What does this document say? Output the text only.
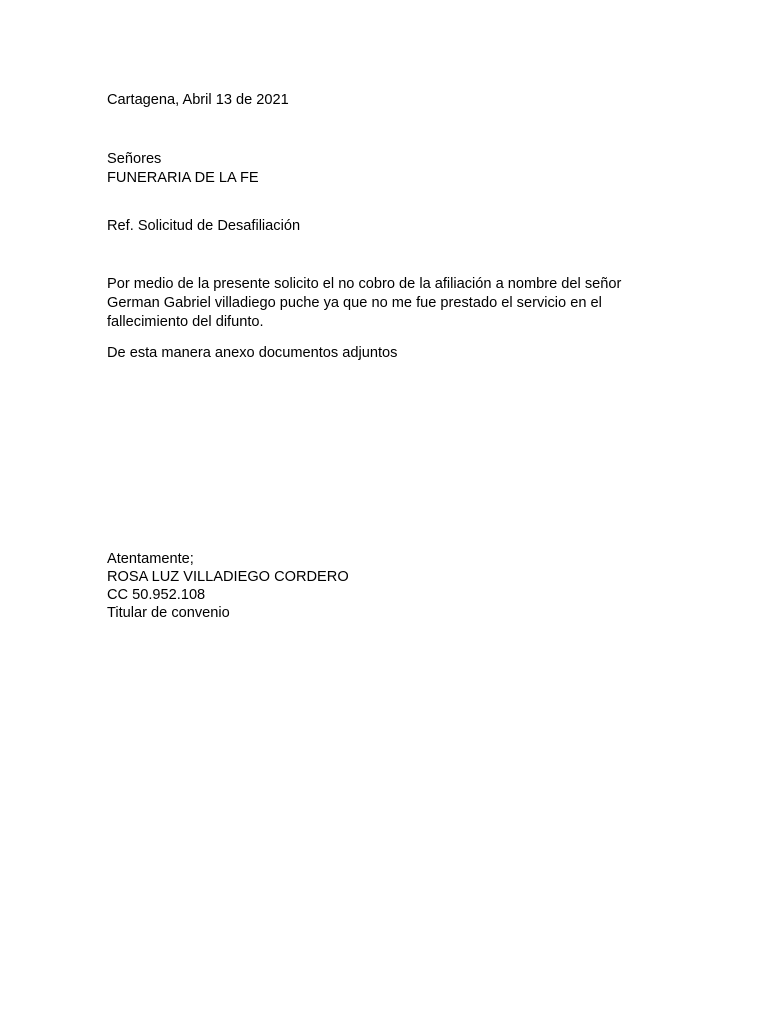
Cartagena, Abril 13 de 2021

Señores

FUNERARIA DE LA FE

Ref. Solicitud de Desafiliación

Por medio de la presente solicito el no cobro de la afiliación a nombre del señor
German Gabriel villadiego puche ya que no me fue prestado el servicio en el
fallecimiento del difunto.

De esta manera anexo documentos adjuntos

Atentamente;

ROSA LUZ VILLADIEGO CORDERO

CC 50.952.108

Titular de convenio
